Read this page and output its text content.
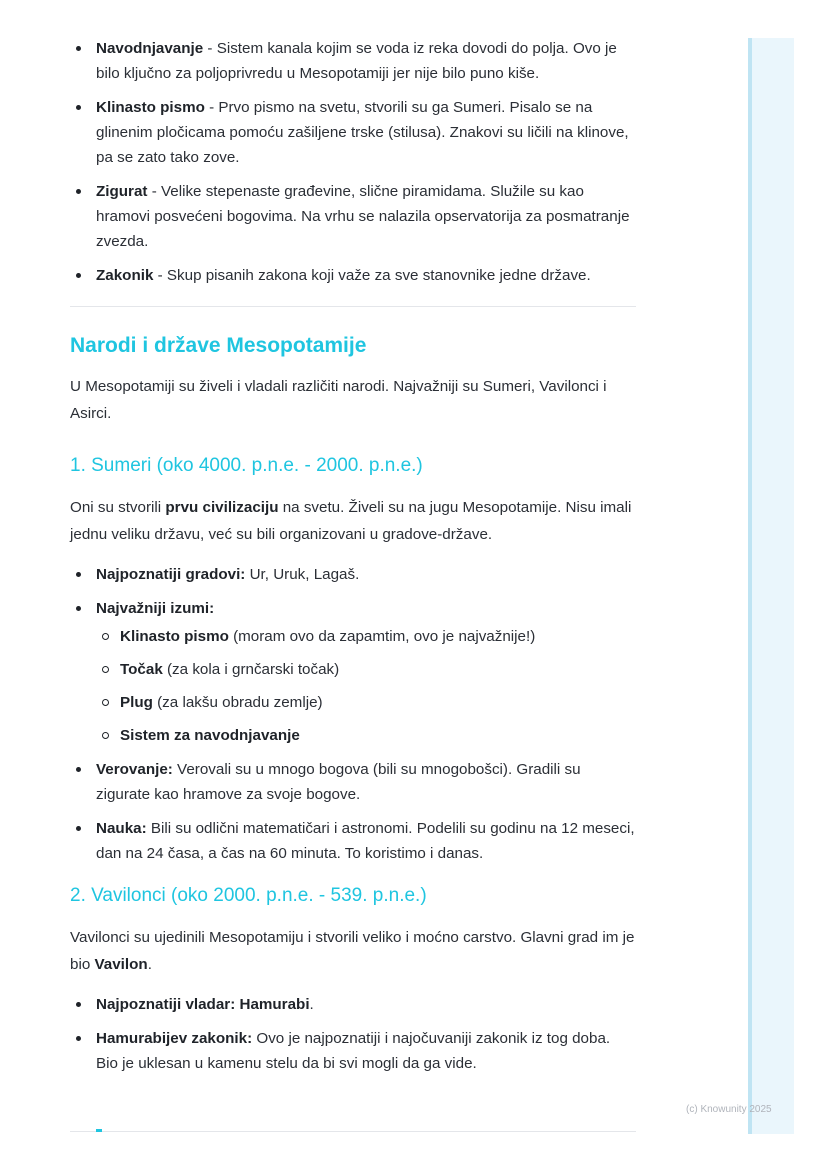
Navodnjavanje - Sistem kanala kojim se voda iz reka dovodi do polja. Ovo je bilo ključno za poljoprivredu u Mesopotamiji jer nije bilo puno kiše.
Klinasto pismo - Prvo pismo na svetu, stvorili su ga Sumeri. Pisalo se na glinenim pločicama pomoću zašiljene trske (stilusa). Znakovi su ličili na klinove, pa se zato tako zove.
Zigurat - Velike stepenaste građevine, slične piramidama. Služile su kao hramovi posvećeni bogovima. Na vrhu se nalazila opservatorija za posmatranje zvezda.
Zakonik - Skup pisanih zakona koji važe za sve stanovnike jedne države.
Narodi i države Mesopotamije

U Mesopotamiji su živeli i vladali različiti narodi. Najvažniji su Sumeri, Vavilonci i Asirci.

1. Sumeri (oko 4000. p.n.e. - 2000. p.n.e.)

Oni su stvorili prvu civilizaciju na svetu. Živeli su na jugu Mesopotamije. Nisu imali jednu veliku državu, već su bili organizovani u gradove-države.

Najpoznatiji gradovi: Ur, Uruk, Lagaš.
Najvažniji izumi:
Klinasto pismo (moram ovo da zapamtim, ovo je najvažnije!)
Točak (za kola i grnčarski točak)
Plug (za lakšu obradu zemlje)
Sistem za navodnjavanje
Verovanje: Verovali su u mnogo bogova (bili su mnogobošci). Gradili su zigurate kao hramove za svoje bogove.
Nauka: Bili su odlični matematičari i astronomi. Podelili su godinu na 12 meseci, dan na 24 časa, a čas na 60 minuta. To koristimo i danas.
2. Vavilonci (oko 2000. p.n.e. - 539. p.n.e.)

Vavilonci su ujedinili Mesopotamiju i stvorili veliko i moćno carstvo. Glavni grad im je bio Vavilon.

Najpoznatiji vladar: Hamurabi.
Hamurabijev zakonik: Ovo je najpoznatiji i najočuvaniji zakonik iz tog doba. Bio je uklesan u kamenu stelu da bi svi mogli da ga vide.
(c) Knowunity 2025
